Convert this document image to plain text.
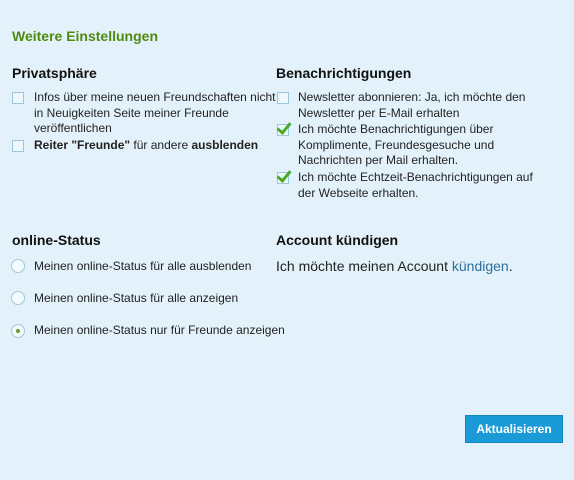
Weitere Einstellungen
Privatsphäre
Infos über meine neuen Freundschaften nicht
in Neuigkeiten Seite meiner Freunde
veröffentlichen
Reiter "Freunde" für andere ausblenden
Benachrichtigungen
Newsletter abonnieren: Ja, ich möchte den
Newsletter per E-Mail erhalten
Ich möchte Benachrichtigungen über
Komplimente, Freundesgesuche und
Nachrichten per Mail erhalten.
Ich möchte Echtzeit-Benachrichtigungen auf
der Webseite erhalten.
online-Status
Meinen online-Status für alle ausblenden
Meinen online-Status für alle anzeigen
Meinen online-Status nur für Freunde anzeigen
Account kündigen
Ich möchte meinen Account kündigen.
Aktualisieren
